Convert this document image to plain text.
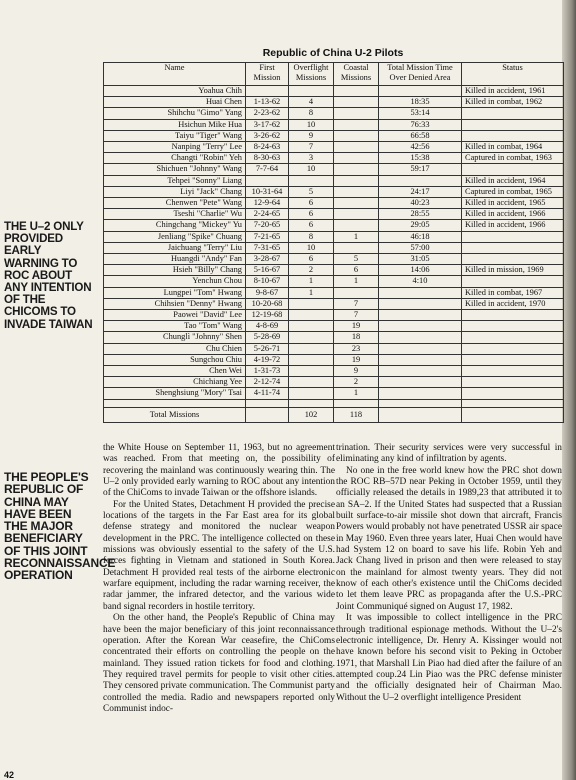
Republic of China U-2 Pilots
Name	First Mission	Overflight Missions	Coastal Missions	Total Mission Time Over Denied Area	Status
Yoahua Chih					Killed in accident, 1961
Huai Chen	1-13-62	4		18:35	Killed in combat, 1962
Shihchu "Gimo" Yang	2-23-62	8		53:14	
Hsichun Mike Hua	3-17-62	10		76:33	
Taiyu "Tiger" Wang	3-26-62	9		66:58	
Nanping "Terry" Lee	8-24-63	7		42:56	Killed in combat, 1964
Changti "Robin" Yeh	8-30-63	3		15:38	Captured in combat, 1963
Shichuen "Johnny" Wang	7-7-64	10		59:17	
Tehpei "Sonny" Liang					Killed in accident, 1964
Liyi "Jack" Chang	10-31-64	5		24:17	Captured in combat, 1965
Chenwen "Pete" Wang	12-9-64	6		40:23	Killed in accident, 1965
Tseshi "Charlie" Wu	2-24-65	6		28:55	Killed in accident, 1966
Chingchang "Mickey" Yu	7-20-65	6		29:05	Killed in accident, 1966
Jenliang "Spike" Chuang	7-21-65	8	1	46:18	
Jaichuang "Terry" Liu	7-31-65	10		57:00	
Huangdi "Andy" Fan	3-28-67	6	5	31:05	
Hsieh "Billy" Chang	5-16-67	2	6	14:06	Killed in mission, 1969
Yenchun Chou	8-10-67	1	1	4:10	
Lungpei "Tom" Hwang	9-8-67	1			Killed in combat, 1967
Chihsien "Denny" Hwang	10-20-68		7		Killed in accident, 1970
Paowei "David" Lee	12-19-68		7		
Tao "Tom" Wang	4-8-69		19		
Chunglì "Johnny" Shen	5-28-69		18		
Chu Chien	5-26-71		23		
Sungchou Chiu	4-19-72		19		
Chen Wei	1-31-73		9		
Chichiang Yee	2-12-74		2		
Shenghsiung "Mory" Tsai	4-11-74		1		

Total Missions		102	118		
THE U–2 ONLY PROVIDED EARLY WARNING TO ROC ABOUT ANY INTENTION OF THE CHICOMS TO INVADE TAIWAN
THE PEOPLE'S REPUBLIC OF CHINA MAY HAVE BEEN THE MAJOR BENEFICIARY OF THIS JOINT RECONNAISSANCE OPERATION

the White House on September 11, 1963, but no agreement was reached. From that meeting on, the possibility of recovering the mainland was continuously wearing thin. The U–2 only provided early warning to ROC about any intention of the ChiComs to invade Taiwan or the offshore islands.

For the United States, Detachment H provided the precise locations of the targets in the Far East area for its global defense strategy and monitored the nuclear weapon development in the PRC. The intelligence collected on these missions was obviously essential to the safety of the U.S. forces fighting in Vietnam and stationed in South Korea. Detachment H provided real tests of the airborne electronic warfare equipment, including the radar warning receiver, the radar jammer, the infrared detector, and the various wide band signal recorders in hostile territory.

On the other hand, the People's Republic of China may have been the major beneficiary of this joint reconnaissance operation. After the Korean War ceasefire, the ChiComs concentrated their efforts on controlling the people on the mainland. They issued ration tickets for food and clothing. They required travel permits for people to visit other cities. They censored private communication. The Communist party controlled the media. Radio and newspapers reported only Communist indoc-

trination. Their security services were very successful in eliminating any kind of infiltration by agents.

No one in the free world knew how the PRC shot down the ROC RB–57D near Peking in October 1959, until they officially released the details in 1989,23 that attributed it to an SA–2. If the United States had suspected that a Russian built surface-to-air missile shot down that aircraft, Francis Powers would probably not have penetrated USSR air space in May 1960. Even three years later, Huai Chen would have had System 12 on board to save his life. Robin Yeh and Jack Chang lived in prison and then were released to stay on the mainland for almost twenty years. They did not know of each other's existence until the ChiComs decided to let them leave PRC as propaganda after the U.S.-PRC Joint Communiqué signed on August 17, 1982.

It was impossible to collect intelligence in the PRC through traditional espionage methods. Without the U–2's electronic intelligence, Dr. Henry A. Kissinger would not have known before his second visit to Peking in October 1971, that Marshall Lin Piao had died after the failure of an attempted coup.24 Lin Piao was the PRC defense minister and the officially designated heir of Chairman Mao. Without the U–2 overflight intelligence President

42
